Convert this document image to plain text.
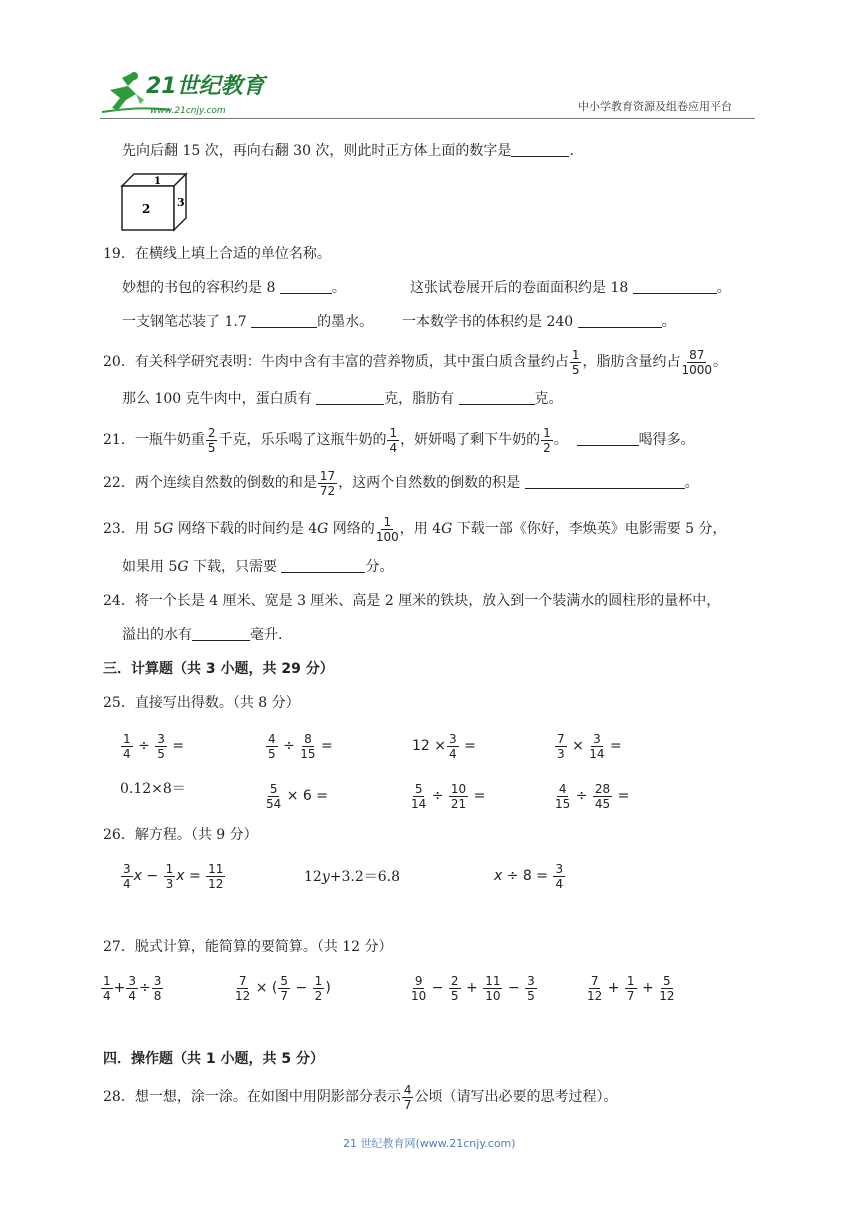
21世纪教育
www.21cnjy.com	中小学教育资源及组卷应用平台
先向后翻 15 次，再向右翻 30 次，则此时正方体上面的数字是	.
1
2 3
19．在横线上填上合适的单位名称。
妙想的书包的容积约是 8	。	这张试卷展开后的卷面面积约是 18	。
一支钢笔芯装了 1.7	的墨水。 一本数学书的体积约是 240	。
20．有关科学研究表明：牛肉中含有丰富的营养物质，其中蛋白质含量约占 $\frac{1}{5}$ ，脂肪含量约占 $\frac{87}{1000}$ 。
那么 100 克牛肉中，蛋白质有	克，脂肪有	克。
21．一瓶牛奶重 $\frac{2}{5}$ 千克，乐乐喝了这瓶牛奶的 $\frac{1}{4}$ ，妍妍喝了剩下牛奶的 $\frac{1}{2}$ 。	喝得多。
22．两个连续自然数的倒数的和是 $\frac{17}{72}$ ，这两个自然数的倒数的积是	。
23．用 5G 网络下载的时间约是 4G 网络的 $\frac{1}{100}$ ，用 4G 下载一部《你好，李焕英》电影需要 5 分，
如果用 5G 下载，只需要	分。
24．将一个长是 4 厘米、宽是 3 厘米、高是 2 厘米的铁块，放入到一个装满水的圆柱形的量杯中，
溢出的水有	毫升.
三．计算题（共 3 小题，共 29 分）
25．直接写出得数。（共 8 分）
$\frac{1}{4} \div \frac{3}{5}$ =	$\frac{4}{5} \div \frac{8}{15}$ =	$12 \times \frac{3}{4}$ =	$\frac{7}{3} \times \frac{3}{14}$ =
0.12×8＝	$\frac{5}{54} \times 6$ =	$\frac{5}{14} \div \frac{10}{21}$ =	$\frac{4}{15} \div \frac{28}{45}$ =
26．解方程。（共 9 分）
$\frac{3}{4}$ $x - \frac{1}{3}$ $x = \frac{11}{12}$	12y+3.2＝6.8	$x \div 8 = \frac{3}{4}$
27．脱式计算，能简算的要简算。（共 12 分）
$\frac{1}{4} + \frac{3}{4} \div \frac{3}{8}$	$\frac{7}{12}$ × ( $\frac{5}{7} - \frac{1}{2}$ )	$\frac{9}{10} - \frac{2}{5} + \frac{11}{10} - \frac{3}{5}$	$\frac{7}{12} + \frac{1}{7} + \frac{5}{12}$
四．操作题（共 1 小题，共 5 分）
28．想一想，涂一涂。在如图中用阴影部分表示 $\frac{4}{7}$ 公顷（请写出必要的思考过程）。
21 世纪教育网(www.21cnjy.com)
